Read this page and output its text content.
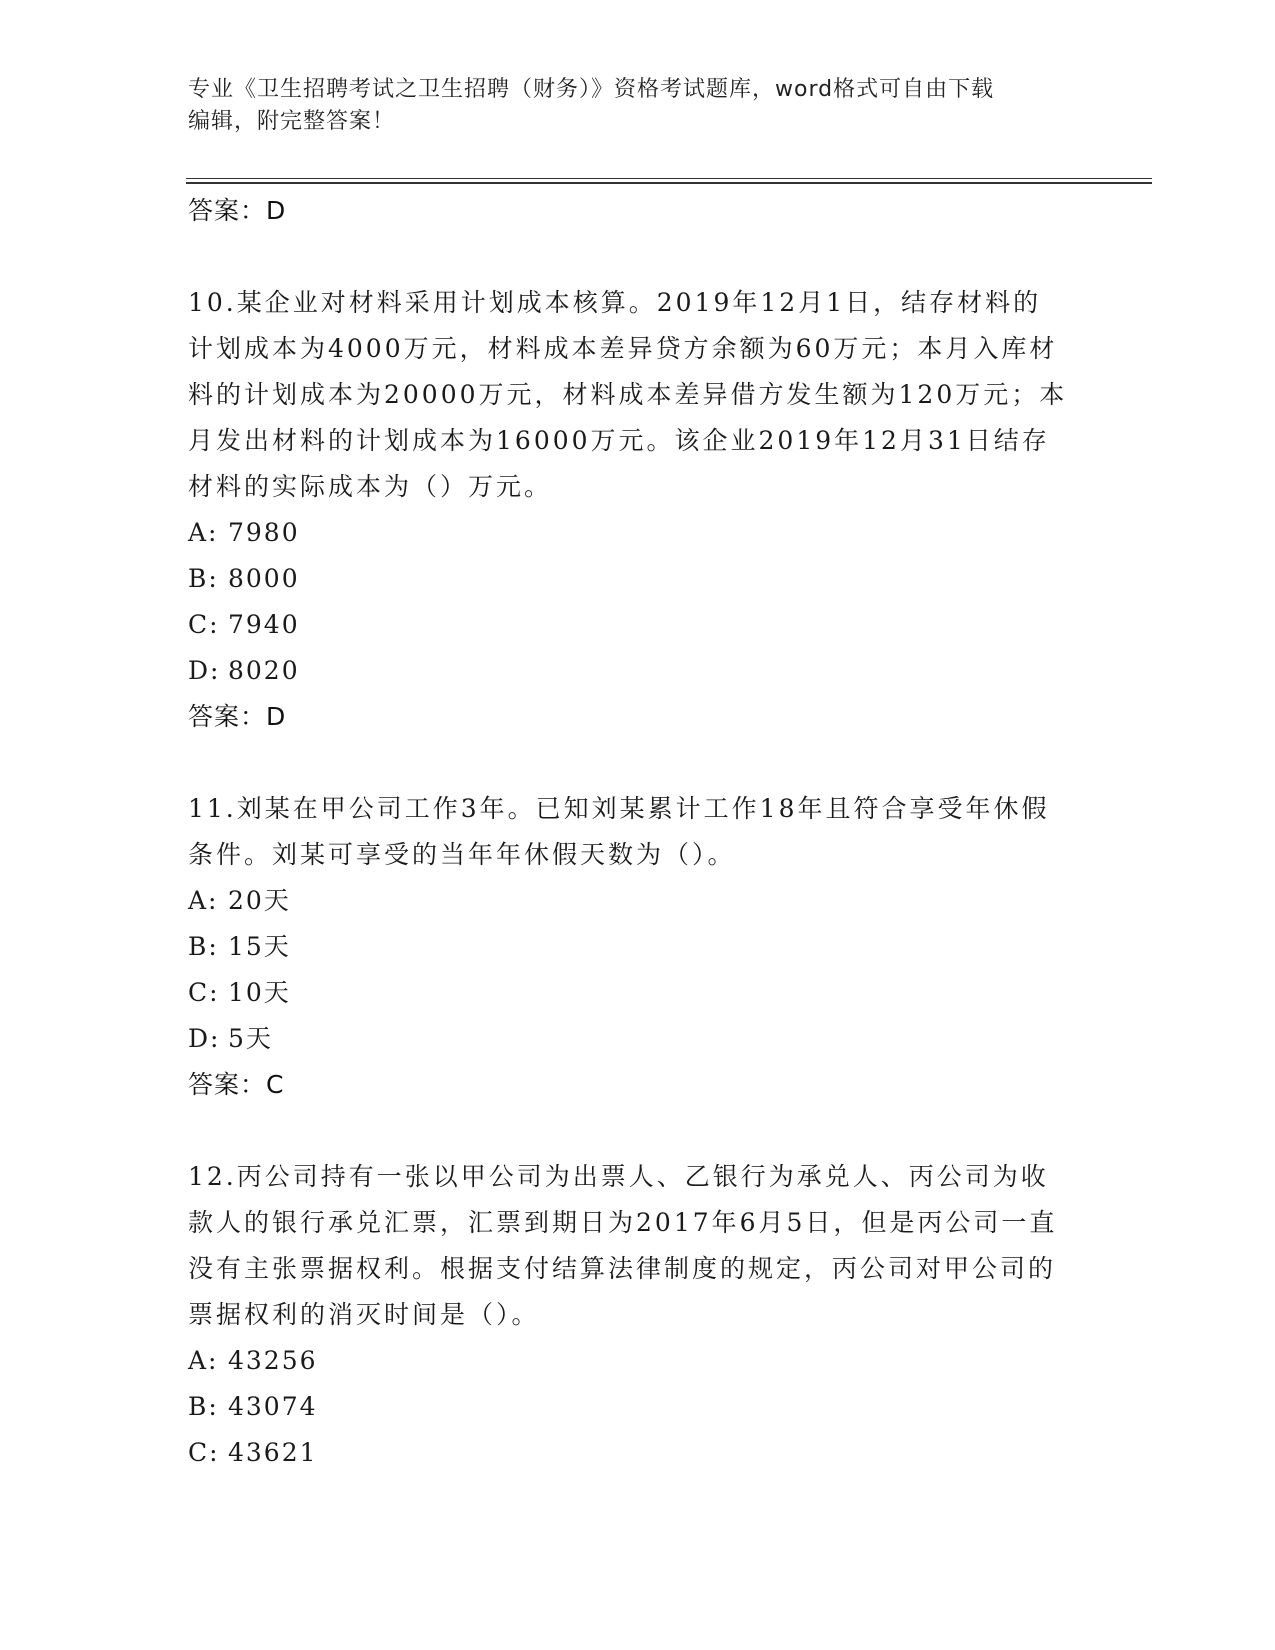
专业《卫生招聘考试之卫生招聘（财务）》资格考试题库，word格式可自由下载
编辑，附完整答案！
答案：D
10.某企业对材料采用计划成本核算。2019年12月1日，结存材料的计划成本为4000万元，材料成本差异贷方余额为60万元；本月入库材料的计划成本为20000万元，材料成本差异借方发生额为120万元；本月发出材料的计划成本为16000万元。该企业2019年12月31日结存材料的实际成本为（）万元。
A: 7980
B: 8000
C: 7940
D: 8020
答案：D
11.刘某在甲公司工作3年。已知刘某累计工作18年且符合享受年休假条件。刘某可享受的当年年休假天数为（）。
A: 20天
B: 15天
C: 10天
D: 5天
答案：C
12.丙公司持有一张以甲公司为出票人、乙银行为承兑人、丙公司为收款人的银行承兑汇票，汇票到期日为2017年6月5日，但是丙公司一直没有主张票据权利。根据支付结算法律制度的规定，丙公司对甲公司的票据权利的消灭时间是（）。
A: 43256
B: 43074
C: 43621
